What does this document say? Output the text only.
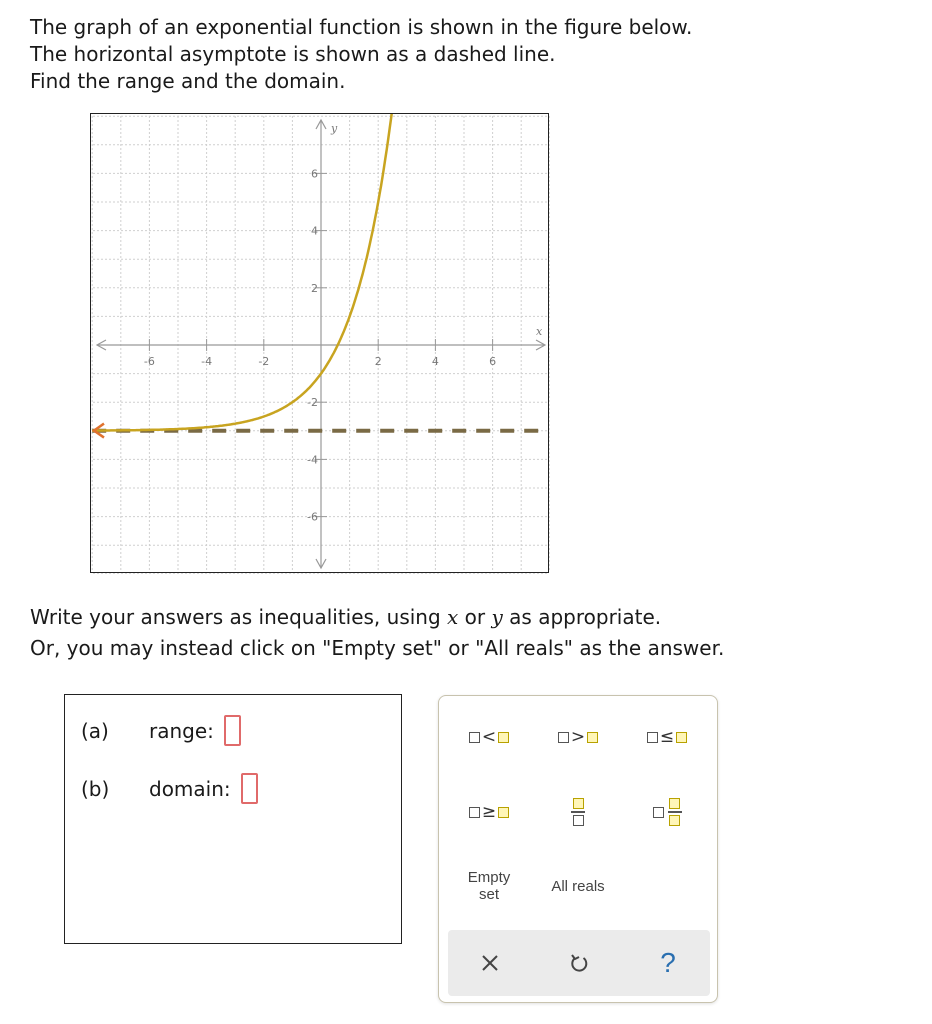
The graph of an exponential function is shown in the figure below.
The horizontal asymptote is shown as a dashed line.
Find the range and the domain.
-6	-4	-2	2	4	6
6
4
2
-2
-4
-6
x
y
Write your answers as inequalities, using x or y as appropriate.
Or, you may instead click on "Empty set" or "All reals" as the answer.
(a)	range:
(b)	domain:
<	>	≤
≥
Empty
set	All reals
?
